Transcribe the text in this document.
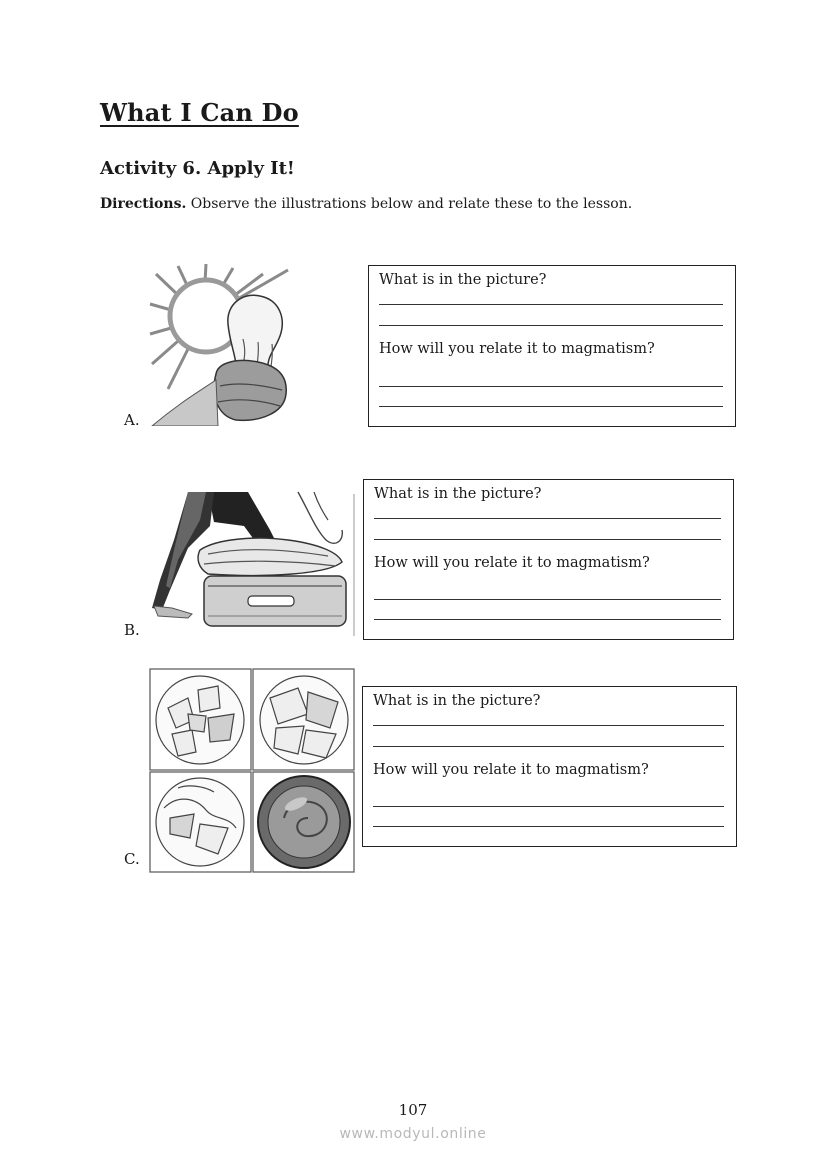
What I Can Do
Activity 6. Apply It!
Directions. Observe the illustrations below and relate these to the lesson.
A.
What is in the picture?
How will you relate it to magmatism?
B.
What is in the picture?
How will you relate it to magmatism?
C.
What is in the picture?
How will you relate it to magmatism?
107
www.modyul.online
